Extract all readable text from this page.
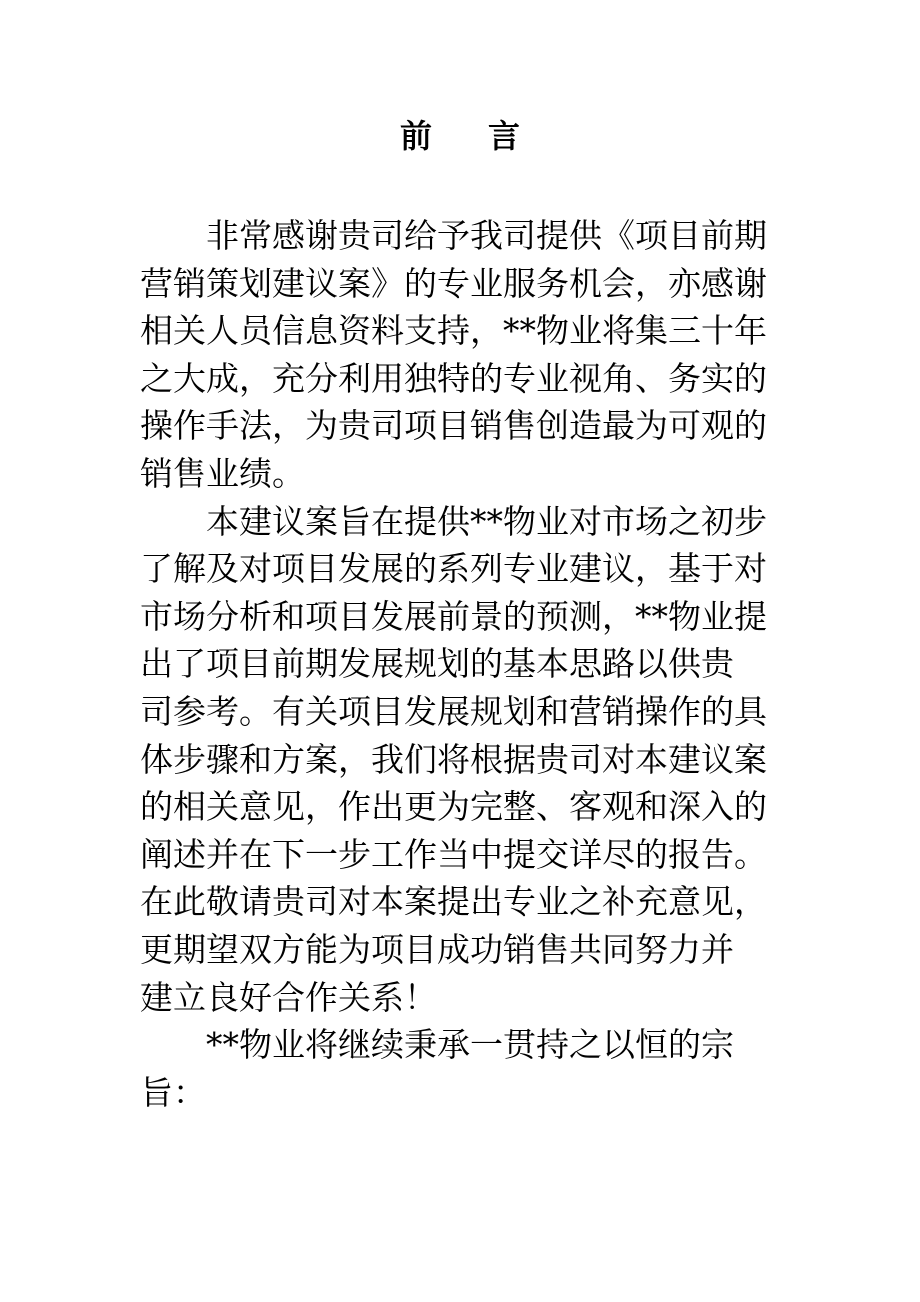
前 言
非常感谢贵司给予我司提供《项目前期
营销策划建议案》的专业服务机会，亦感谢
相关人员信息资料支持，**物业将集三十年
之大成，充分利用独特的专业视角、务实的
操作手法，为贵司项目销售创造最为可观的
销售业绩。
本建议案旨在提供**物业对市场之初步
了解及对项目发展的系列专业建议，基于对
市场分析和项目发展前景的预测，**物业提
出了项目前期发展规划的基本思路以供贵
司参考。有关项目发展规划和营销操作的具
体步骤和方案，我们将根据贵司对本建议案
的相关意见，作出更为完整、客观和深入的
阐述并在下一步工作当中提交详尽的报告。
在此敬请贵司对本案提出专业之补充意见，
更期望双方能为项目成功销售共同努力并
建立良好合作关系！
**物业将继续秉承一贯持之以恒的宗
旨：
